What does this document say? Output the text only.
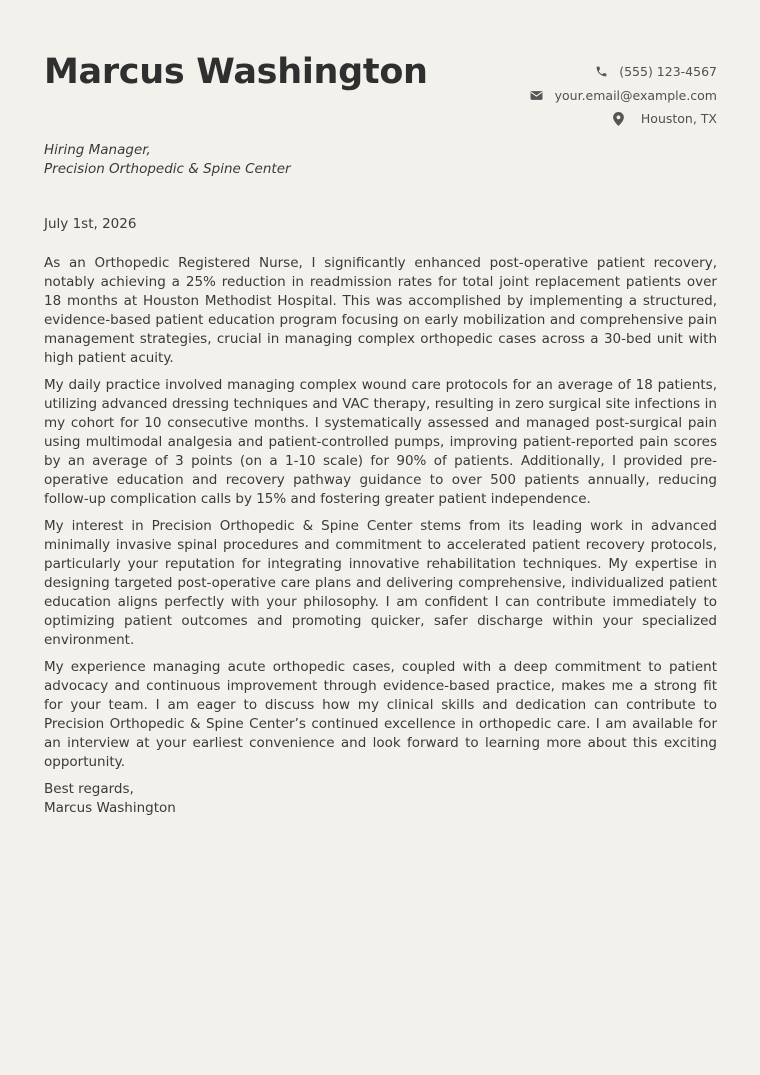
Marcus Washington	(555) 123-4567
your.email@example.com
Houston, TX
Hiring Manager,
Precision Orthopedic & Spine Center
July 1st, 2026

As an Orthopedic Registered Nurse, I significantly enhanced post-operative patient recovery, notably achieving a 25% reduction in readmission rates for total joint replacement patients over 18 months at Houston Methodist Hospital. This was accomplished by implementing a structured, evidence-based patient education program focusing on early mobilization and comprehensive pain management strategies, crucial in managing complex orthopedic cases across a 30-bed unit with high patient acuity.

My daily practice involved managing complex wound care protocols for an average of 18 patients, utilizing advanced dressing techniques and VAC therapy, resulting in zero surgical site infections in my cohort for 10 consecutive months. I systematically assessed and managed post-surgical pain using multimodal analgesia and patient-controlled pumps, improving patient-reported pain scores by an average of 3 points (on a 1-10 scale) for 90% of patients. Additionally, I provided pre-operative education and recovery pathway guidance to over 500 patients annually, reducing follow-up complication calls by 15% and fostering greater patient independence.

My interest in Precision Orthopedic & Spine Center stems from its leading work in advanced minimally invasive spinal procedures and commitment to accelerated patient recovery protocols, particularly your reputation for integrating innovative rehabilitation techniques. My expertise in designing targeted post-operative care plans and delivering comprehensive, individualized patient education aligns perfectly with your philosophy. I am confident I can contribute immediately to optimizing patient outcomes and promoting quicker, safer discharge within your specialized environment.

My experience managing acute orthopedic cases, coupled with a deep commitment to patient advocacy and continuous improvement through evidence-based practice, makes me a strong fit for your team. I am eager to discuss how my clinical skills and dedication can contribute to Precision Orthopedic & Spine Center’s continued excellence in orthopedic care. I am available for an interview at your earliest convenience and look forward to learning more about this exciting opportunity.

Best regards,
Marcus Washington
